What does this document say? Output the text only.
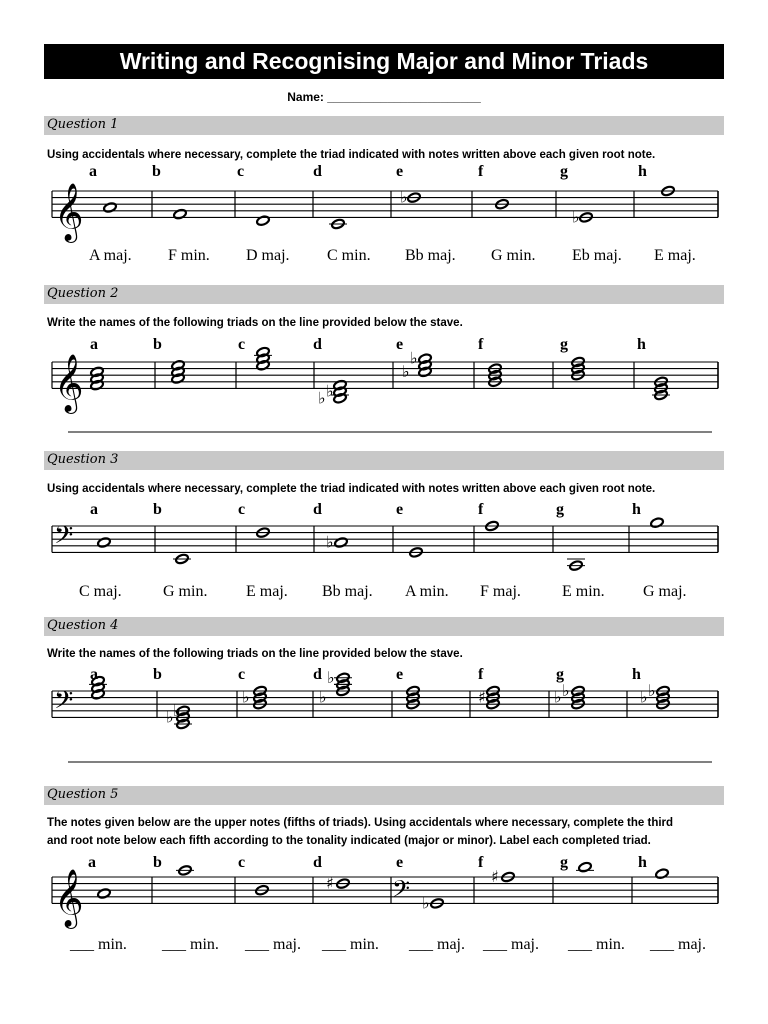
Writing and Recognising Major and Minor Triads
Name: _______________________
Question 1
Using accidentals where necessary, complete the triad indicated with notes written above each given root note.
𝄞
a	b	c	d	e	f	g	h
♭
♭
A maj. F min. D maj. C min. Bb maj. G min. Eb maj. E maj.
𝄞
a	b	c	d	e	f	g	h
♭ ♭
♭
♭
𝄢
a	b	c	d	e	f	g	h
♭
C maj.	G min. E maj. Bb maj. A min. F maj.	E min. G maj.
𝄢
a	b	c	d	e	f	g	h
♭ ♭
♭	♭
♭
♯	♭ ♭	♭ ♭
𝄞
a	b	c	d	e	f	g	h
♯ 𝄢 ♭
♯
___ min. ___ min. ___ maj. ___ min. ___ maj. ___ maj. ___ min. ___ maj.
Question 2
Write the names of the following triads on the line provided below the stave.
Question 3
Using accidentals where necessary, complete the triad indicated with notes written above each given root note.
Question 4
Write the names of the following triads on the line provided below the stave.
Question 5
The notes given below are the upper notes (fifths of triads). Using accidentals where necessary, complete the third
and root note below each fifth according to the tonality indicated (major or minor). Label each completed triad.
